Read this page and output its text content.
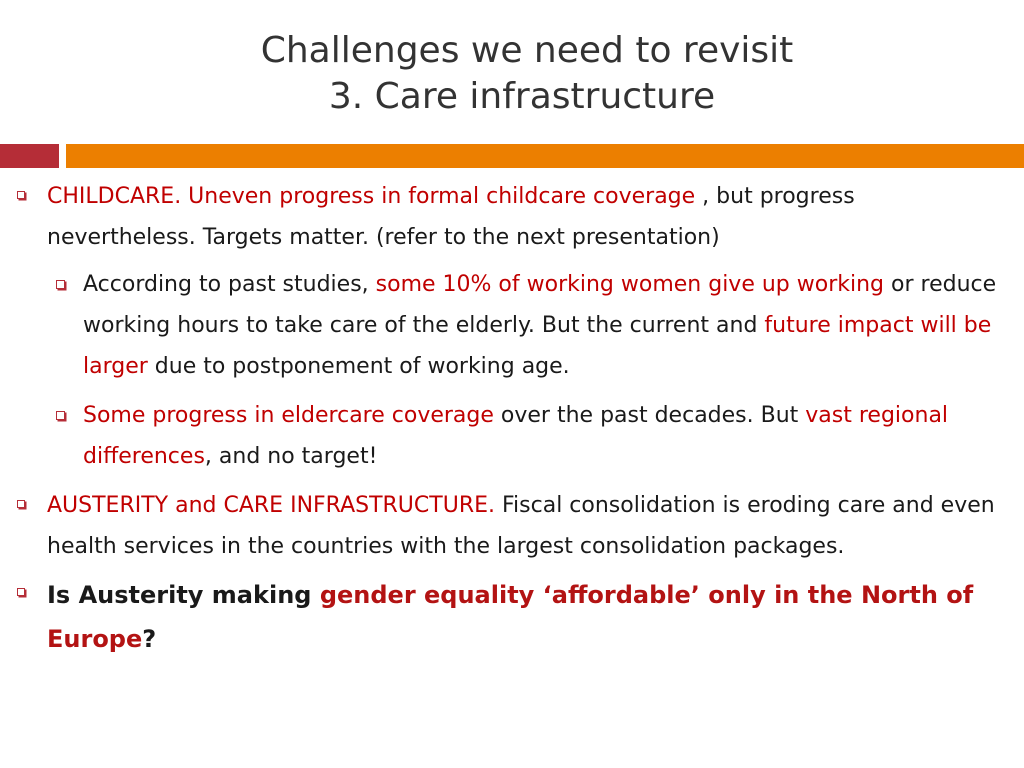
Challenges we need to revisit
3. Care infrastructure
CHILDCARE. Uneven progress in formal childcare coverage , but progress nevertheless. Targets matter. (refer to the next presentation)
According to past studies, some 10% of working women give up working or reduce working hours to take care of the elderly. But the current and future impact will be larger due to postponement of working age.
Some progress in eldercare coverage over the past decades. But vast regional differences, and no target!
AUSTERITY and CARE INFRASTRUCTURE. Fiscal consolidation is eroding care and even health services in the countries with the largest consolidation packages.
Is Austerity making gender equality ‘affordable’ only in the North of Europe?
